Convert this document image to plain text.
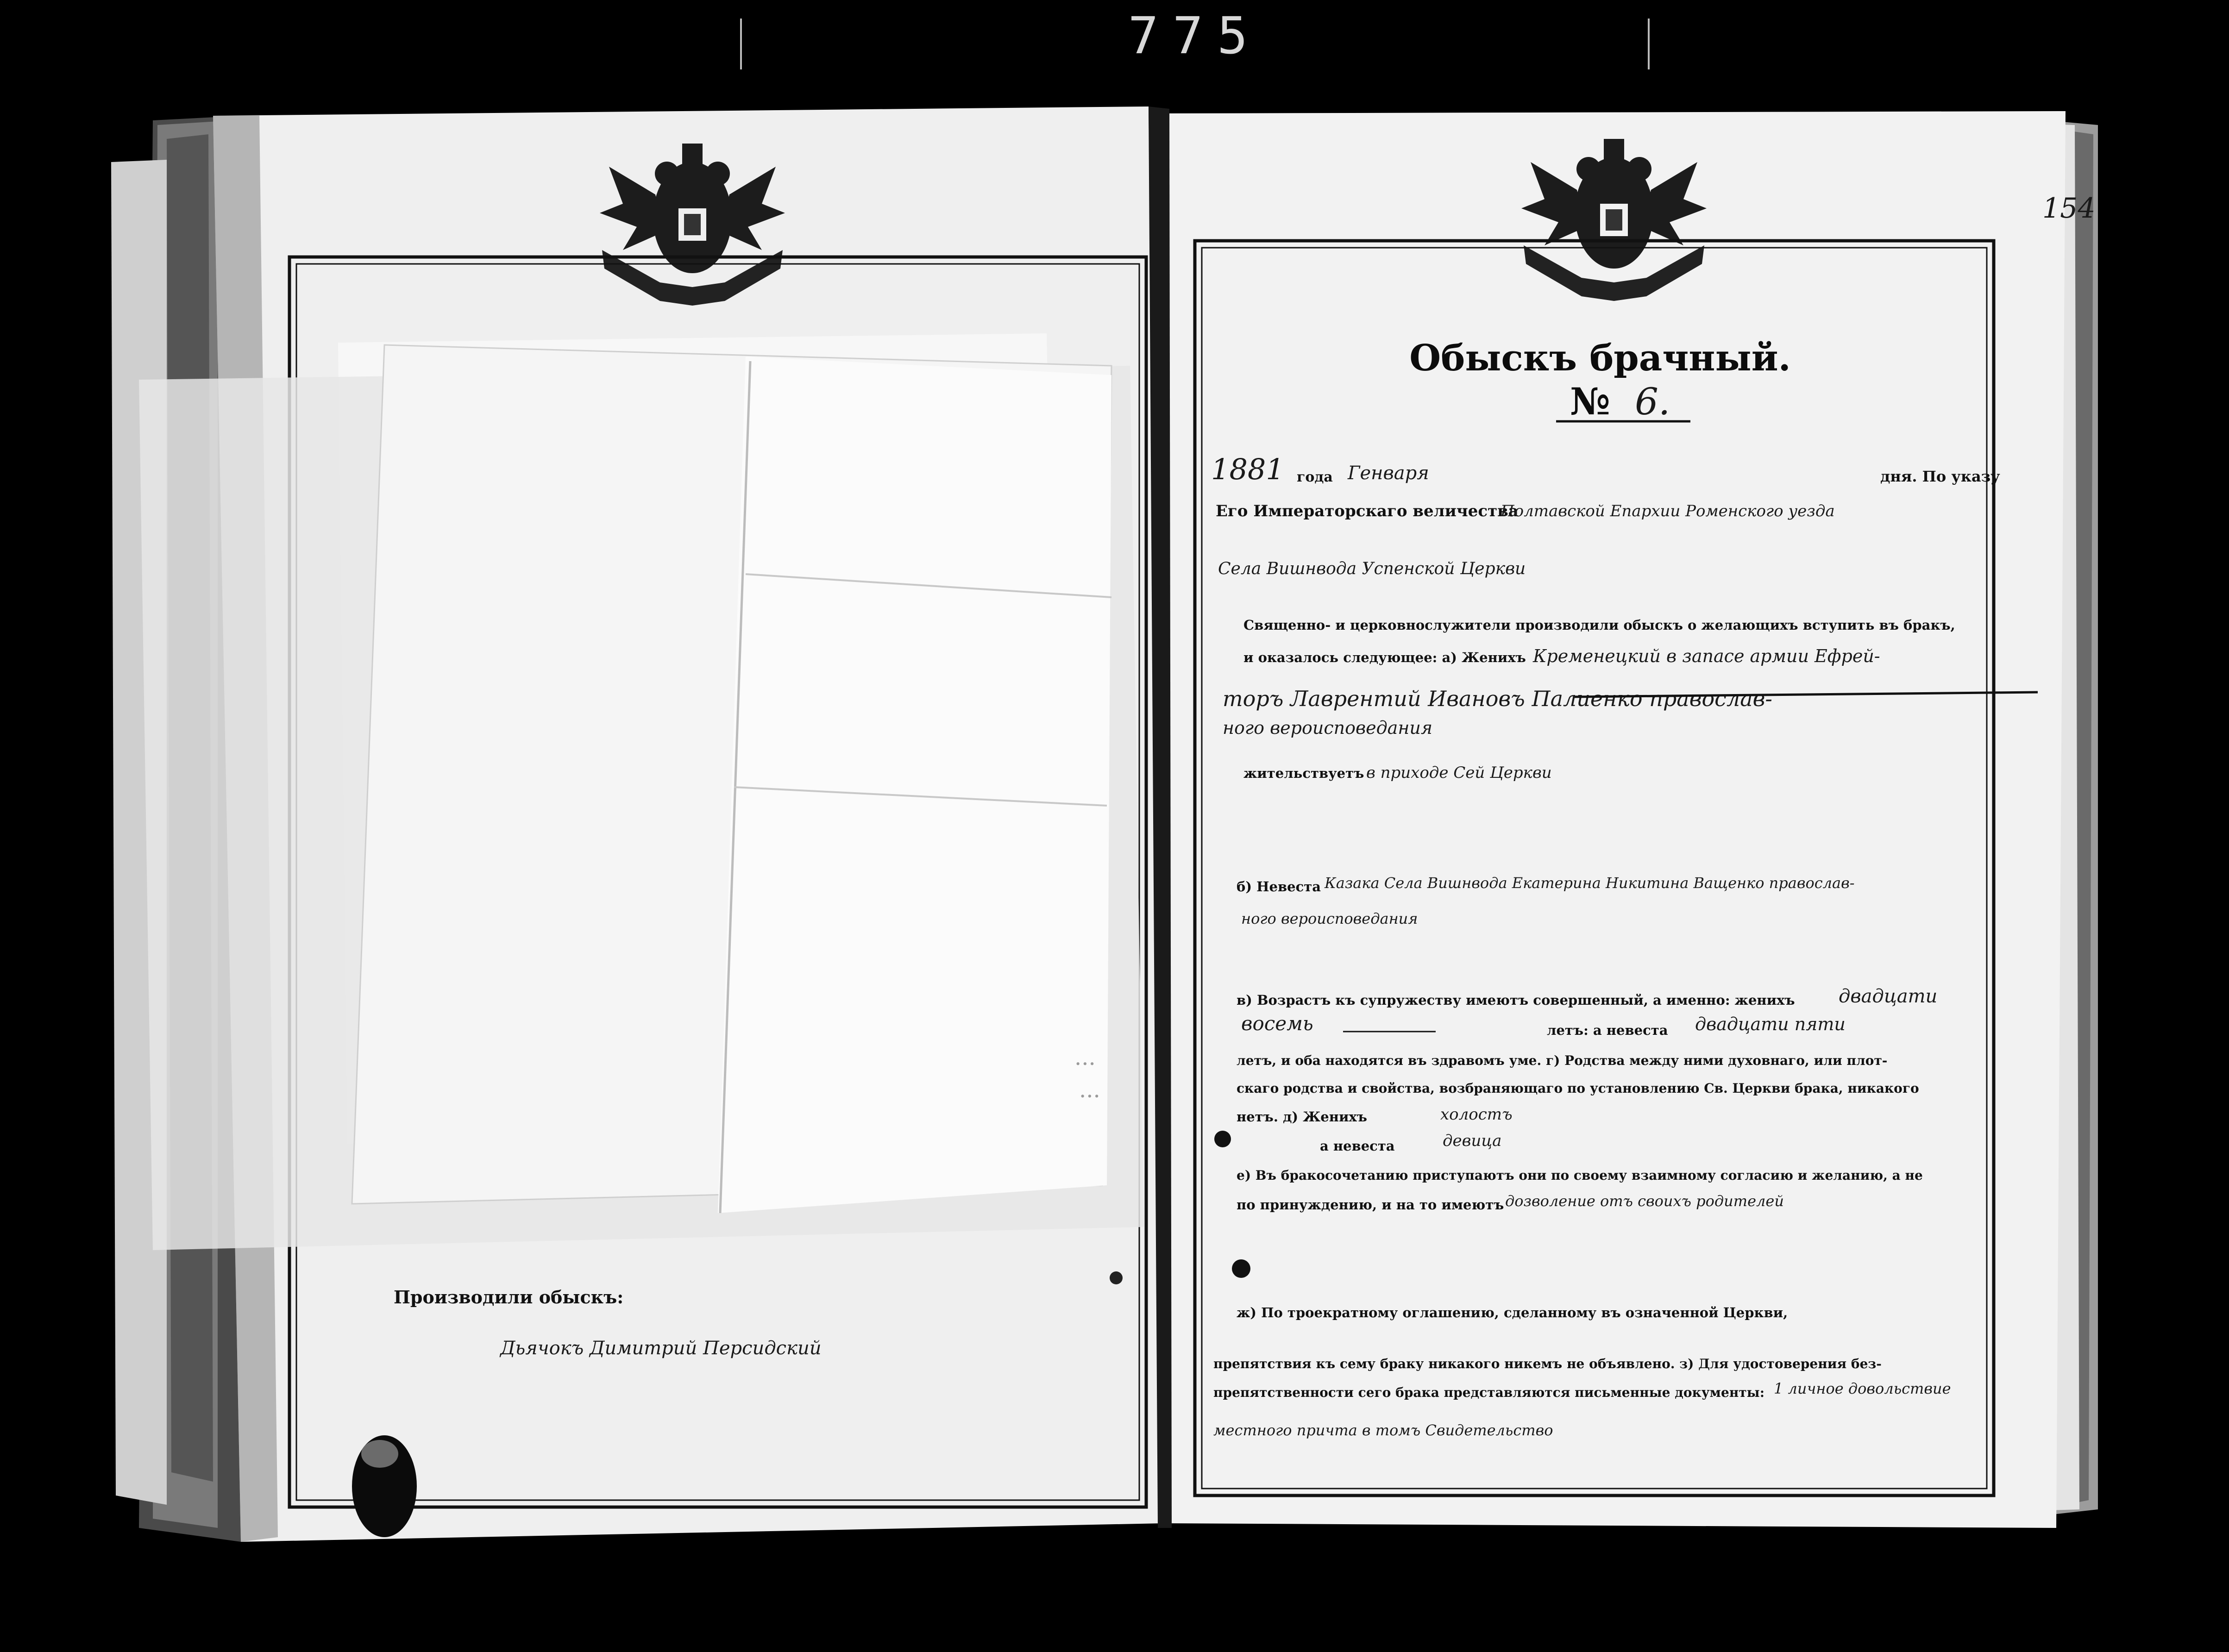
775
...
...
Производили обыскъ:
Дьячокъ Димитрий Персидский
154
Обыскъ брачный.
№ 6.
1881 года Генваря	дня. По указу
Его Императорскаго величества
Полтавской Епархии Роменского уезда
Села Вишнвода Успенской Церкви
Священно- и церковнослужители производили обыскъ о желающихъ вступить въ бракъ,
и оказалось следующее: а) Женихъ Кременецкий в запасе армии Ефрей-
торъ Лаврентий Ивановъ Палиенко православ-
ного вероисповедания
жительствуетъ в приходе Сей Церкви
б) Невеста Казака Села Вишнвода Екатерина Никитина Ващенко православ-
ного вероисповедания
в) Возрастъ къ супружеству имеютъ совершенный, а именно: женихъ двадцати
восемь	летъ: а невеста двадцати пяти
летъ, и оба находятся въ здравомъ уме. г) Родства между ними духовнаго, или плот-
скаго родства и свойства, возбраняющаго по установлению Св. Церкви брака, никакого
нетъ. д) Женихъ	холостъ
а невеста	девица
е) Въ бракосочетанию приступаютъ они по своему взаимному согласию и желанию, а не
по принуждению, и на то имеютъ дозволение отъ своихъ родителей
ж) По троекратному оглашению, сделанному въ означенной Церкви,
препятствия къ сему браку никакого никемъ не объявлено. з) Для удостоверения без-
препятственности сего брака представляются письменные документы: 1 личное довольствие
местного причта в томъ Свидетельство
